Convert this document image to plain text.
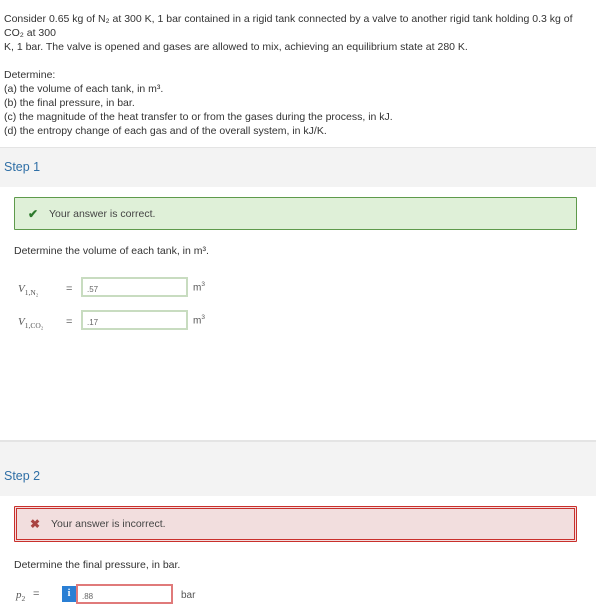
Consider 0.65 kg of N₂ at 300 K, 1 bar contained in a rigid tank connected by a valve to another rigid tank holding 0.3 kg of CO₂ at 300

K, 1 bar. The valve is opened and gases are allowed to mix, achieving an equilibrium state at 280 K.

Determine:

(a) the volume of each tank, in m³.

(b) the final pressure, in bar.

(c) the magnitude of the heat transfer to or from the gases during the process, in kJ.

(d) the entropy change of each gas and of the overall system, in kJ/K.

Step 1
✔	Your answer is correct.
Determine the volume of each tank, in m³.
$V_{1,N_2}$	=	.57	$m^3$
$V_{1,CO_2}$ =	.17	$m^3$
Step 2
✖	Your answer is incorrect.
Determine the final pressure, in bar.
$p_2$ =	i	.88	bar
